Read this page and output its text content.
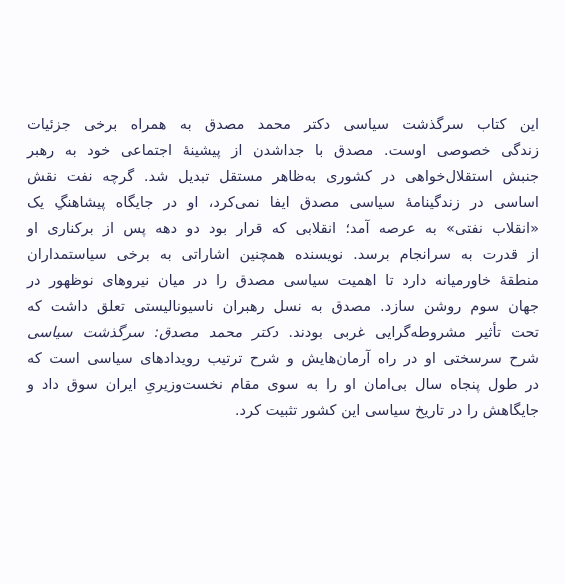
این کتاب سرگذشت سیاسی دکتر محمد مصدق به همراه برخی جزئیات
زندگی خصوصی اوست. مصدق با جداشدن از پیشینهٔ اجتماعی خود به رهبر
جنبش استقلال‌خواهی در کشوری به‌ظاهر مستقل تبدیل شد. گرچه نفت نقش
اساسی در زندگینامهٔ سیاسی مصدق ایفا نمی‌کرد، او در جایگاه پیشاهنگِ یک
«انقلاب نفتی» به عرصه آمد؛ انقلابی که قرار بود دو دهه پس از برکناری او
از قدرت به سرانجام برسد. نویسنده همچنین اشاراتی به برخی سیاستمداران
منطقهٔ خاورمیانه دارد تا اهمیت سیاسی مصدق را در میان نیروهای نوظهور در
جهان سوم روشن سازد. مصدق به نسل رهبران ناسیونالیستی تعلق داشت که
تحت تأثیر مشروطه‌گرایی غربی بودند. دکتر محمد مصدق: سرگذشت سیاسی
شرح سرسختی او در راه آرمان‌هایش و شرح ترتیب رویدادهای سیاسی است که
در طول پنجاه سال بی‌امان او را به سوی مقام نخست‌وزیریِ ایران سوق داد و
جایگاهش را در تاریخ سیاسی این کشور تثبیت کرد.
